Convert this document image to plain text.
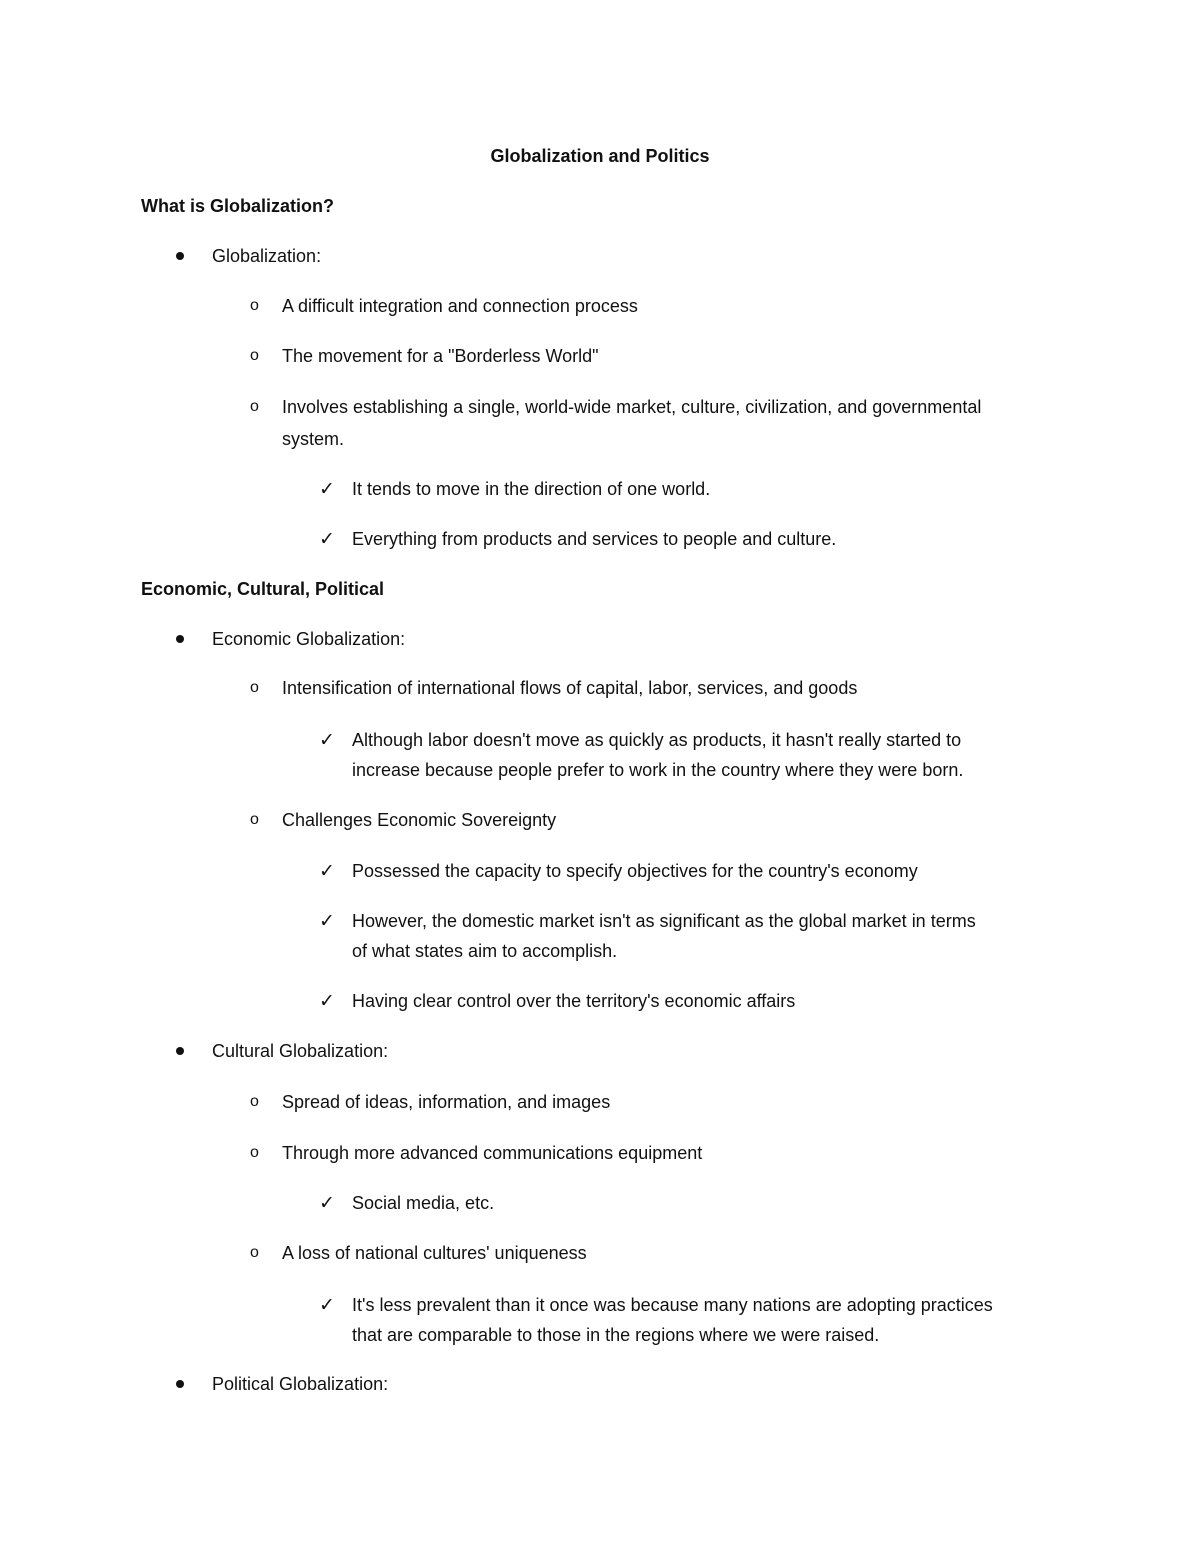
Globalization and Politics
What is Globalization?
Globalization:
o A difficult integration and connection process
o The movement for a "Borderless World"
o Involves establishing a single, world-wide market, culture, civilization, and governmental
system.
✓ It tends to move in the direction of one world.
✓ Everything from products and services to people and culture.
Economic, Cultural, Political
Economic Globalization:
o Intensification of international flows of capital, labor, services, and goods
✓ Although labor doesn't move as quickly as products, it hasn't really started to
increase because people prefer to work in the country where they were born.
o Challenges Economic Sovereignty
✓ Possessed the capacity to specify objectives for the country's economy
✓ However, the domestic market isn't as significant as the global market in terms
of what states aim to accomplish.
✓ Having clear control over the territory's economic affairs
Cultural Globalization:
o Spread of ideas, information, and images
o Through more advanced communications equipment
✓ Social media, etc.
o A loss of national cultures' uniqueness
✓ It's less prevalent than it once was because many nations are adopting practices
that are comparable to those in the regions where we were raised.
Political Globalization:
